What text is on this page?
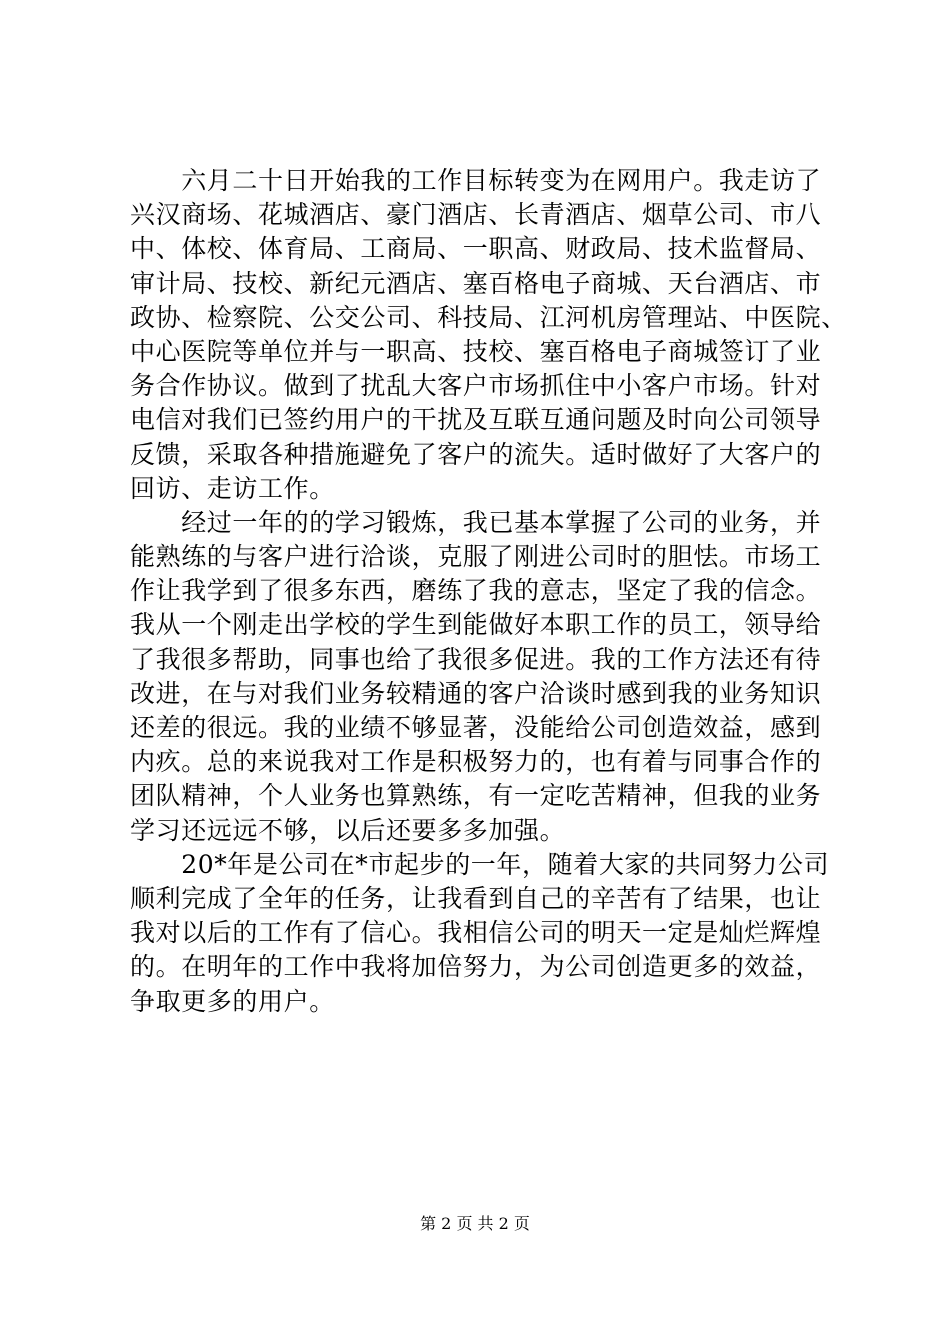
　　六月二十日开始我的工作目标转变为在网用户。我走访了
兴汉商场、花城酒店、豪门酒店、长青酒店、烟草公司、市八
中、体校、体育局、工商局、一职高、财政局、技术监督局、
审计局、技校、新纪元酒店、塞百格电子商城、天台酒店、市
政协、检察院、公交公司、科技局、江河机房管理站、中医院、
中心医院等单位并与一职高、技校、塞百格电子商城签订了业
务合作协议。做到了扰乱大客户市场抓住中小客户市场。针对
电信对我们已签约用户的干扰及互联互通问题及时向公司领导
反馈，采取各种措施避免了客户的流失。适时做好了大客户的
回访、走访工作。
　　经过一年的的学习锻炼，我已基本掌握了公司的业务，并
能熟练的与客户进行洽谈，克服了刚进公司时的胆怯。市场工
作让我学到了很多东西，磨练了我的意志，坚定了我的信念。
我从一个刚走出学校的学生到能做好本职工作的员工，领导给
了我很多帮助，同事也给了我很多促进。我的工作方法还有待
改进，在与对我们业务较精通的客户洽谈时感到我的业务知识
还差的很远。我的业绩不够显著，没能给公司创造效益，感到
内疚。总的来说我对工作是积极努力的，也有着与同事合作的
团队精神，个人业务也算熟练，有一定吃苦精神，但我的业务
学习还远远不够，以后还要多多加强。
　　20*年是公司在*市起步的一年，随着大家的共同努力公司
顺利完成了全年的任务，让我看到自己的辛苦有了结果，也让
我对以后的工作有了信心。我相信公司的明天一定是灿烂辉煌
的。在明年的工作中我将加倍努力，为公司创造更多的效益，
争取更多的用户。
第 2 页 共 2 页
